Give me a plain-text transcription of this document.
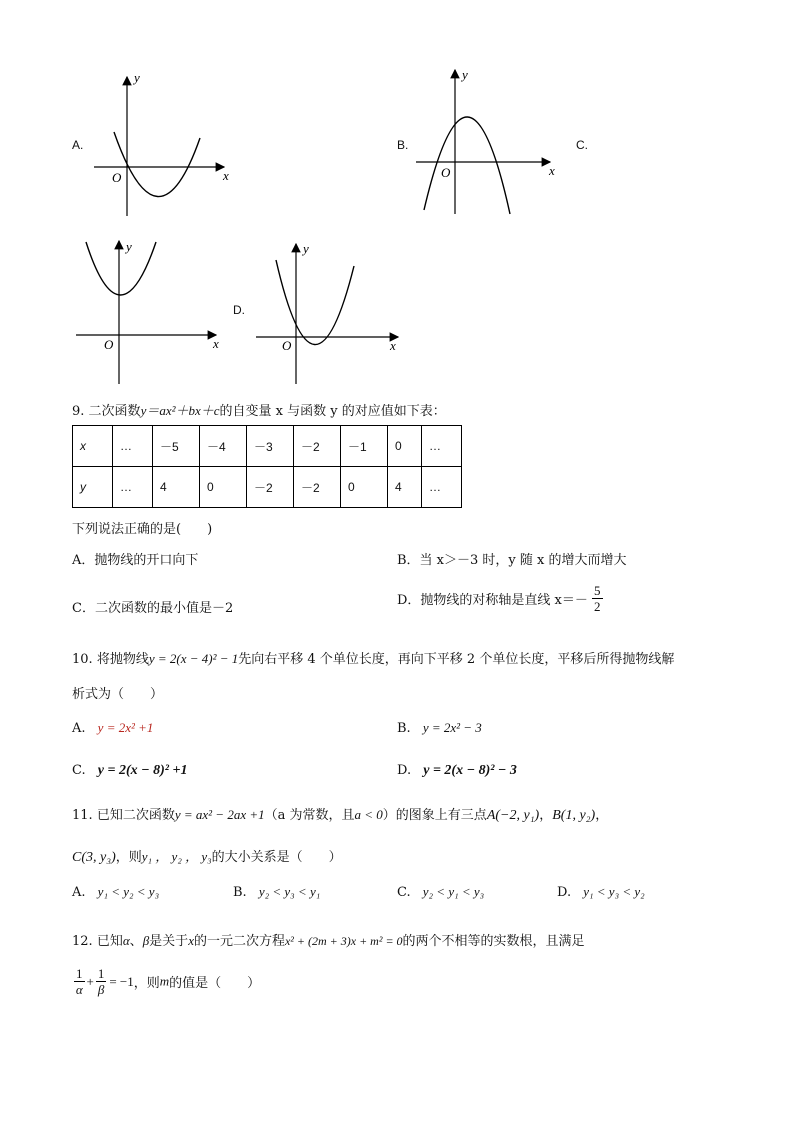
A.
y
x
O
B.
y
x
O
C.
y
x
O
D.
y
x
O
9. 二次函数y＝ax²＋bx＋c的自变量 x 与函数 y 的对应值如下表：
x	…	－5	－4	－3	－2	－1	0	…
y	…	4	0	－2	－2	0	4	…
下列说法正确的是(　　)
A．抛物线的开口向下	B．当 x＞－3 时，y 随 x 的增大而增大
C．二次函数的最小值是－2
D．抛物线的对称轴是直线 $x=- \frac{5}{2}$
10. 将抛物线y = 2(x − 4)² − 1先向右平移 4 个单位长度，再向下平移 2 个单位长度，平移后所得抛物线解
析式为（　　）
A. y = 2x² +1	B. y = 2x² − 3
C. y = 2(x − 8)² +1	D. y = 2(x − 8)² − 3
11. 已知二次函数y = ax² − 2ax +1（a 为常数，且a < 0）的图象上有三点A(−2, y₁)，B(1, y₂)，
C(3, y₃)，则y₁ ， y₂ ， y₃的大小关系是（　　）
A. y₁ < y₂ < y₃	B. y₂ < y₃ < y₁	C. y₂ < y₁ < y₃	D. y₁ < y₃ < y₂
12. 已知α、β是关于x的一元二次方程x² + (2m + 3)x + m² = 0的两个不相等的实数根，且满足
$\frac{1}{\alpha} + \frac{1}{\beta} = -1$，则m的值是（　　）
